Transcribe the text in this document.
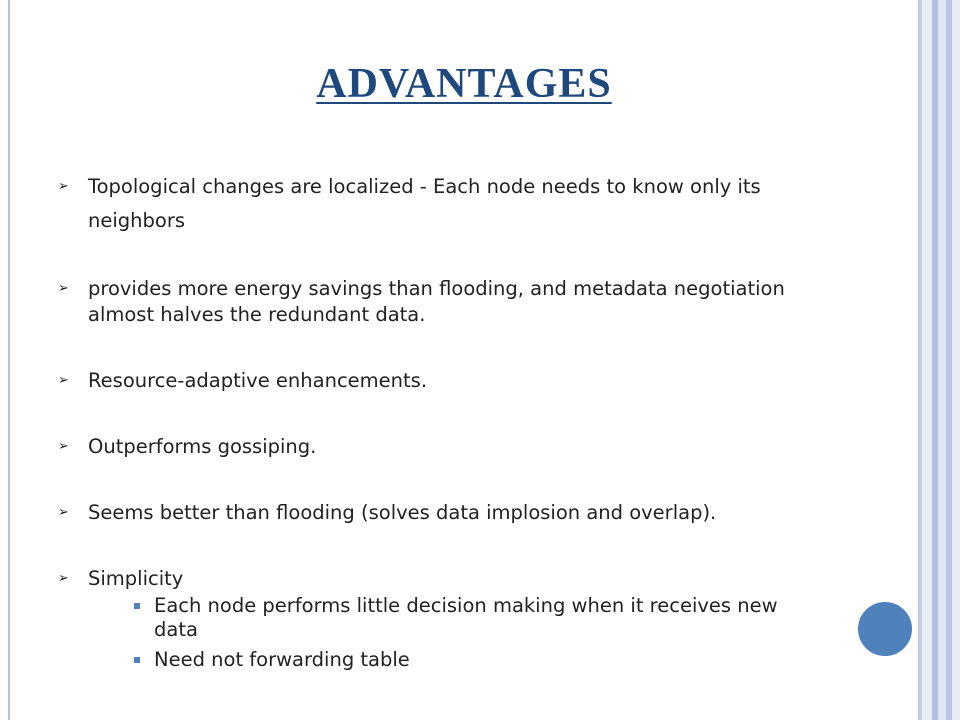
ADVANTAGES
➢ Topological changes are localized - Each node needs to know only its neighbors
➢ provides more energy savings than flooding, and metadata negotiation almost halves the redundant data.
➢ Resource-adaptive enhancements.
➢ Outperforms gossiping.
➢ Seems better than flooding (solves data implosion and overlap).
➢ Simplicity
Each node performs little decision making when it receives new data
Need not forwarding table
